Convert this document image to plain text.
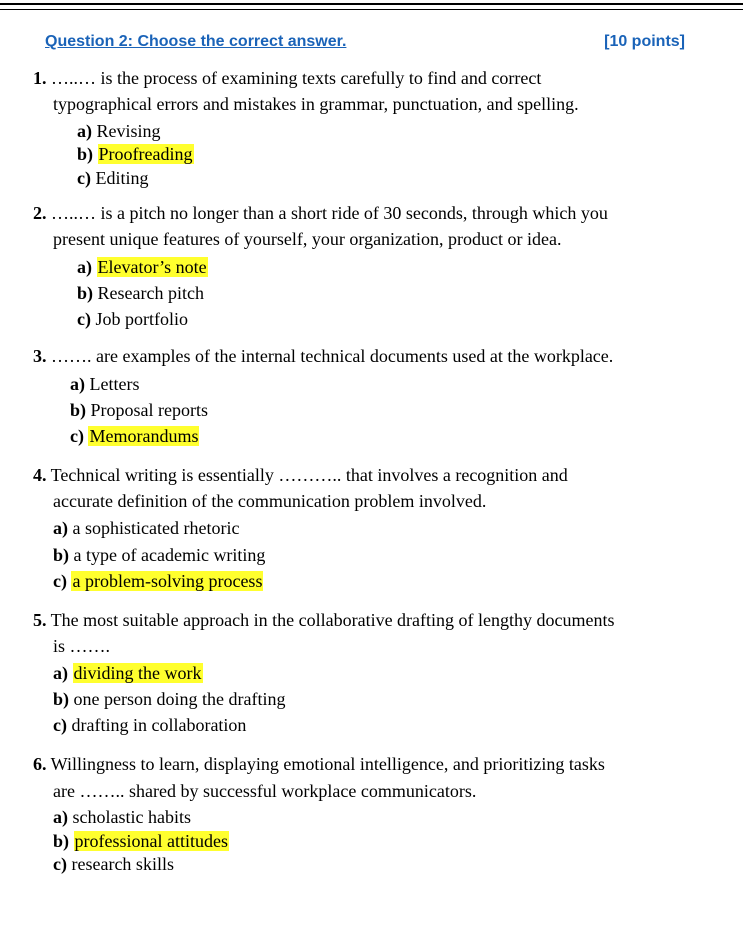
Question 2: Choose the correct answer.	[10 points]
1. …..… is the process of examining texts carefully to find and correct
typographical errors and mistakes in grammar, punctuation, and spelling.
a) Revising
b) Proofreading
c) Editing
2. …..… is a pitch no longer than a short ride of 30 seconds, through which you
present unique features of yourself, your organization, product or idea.
a) Elevator’s note
b) Research pitch
c) Job portfolio
3. ……. are examples of the internal technical documents used at the workplace.
a) Letters
b) Proposal reports
c) Memorandums
4. Technical writing is essentially ……….. that involves a recognition and
accurate definition of the communication problem involved.
a) a sophisticated rhetoric
b) a type of academic writing
c) a problem-solving process
5. The most suitable approach in the collaborative drafting of lengthy documents
is …….
a) dividing the work
b) one person doing the drafting
c) drafting in collaboration
6. Willingness to learn, displaying emotional intelligence, and prioritizing tasks
are …….. shared by successful workplace communicators.
a) scholastic habits
b) professional attitudes
c) research skills
